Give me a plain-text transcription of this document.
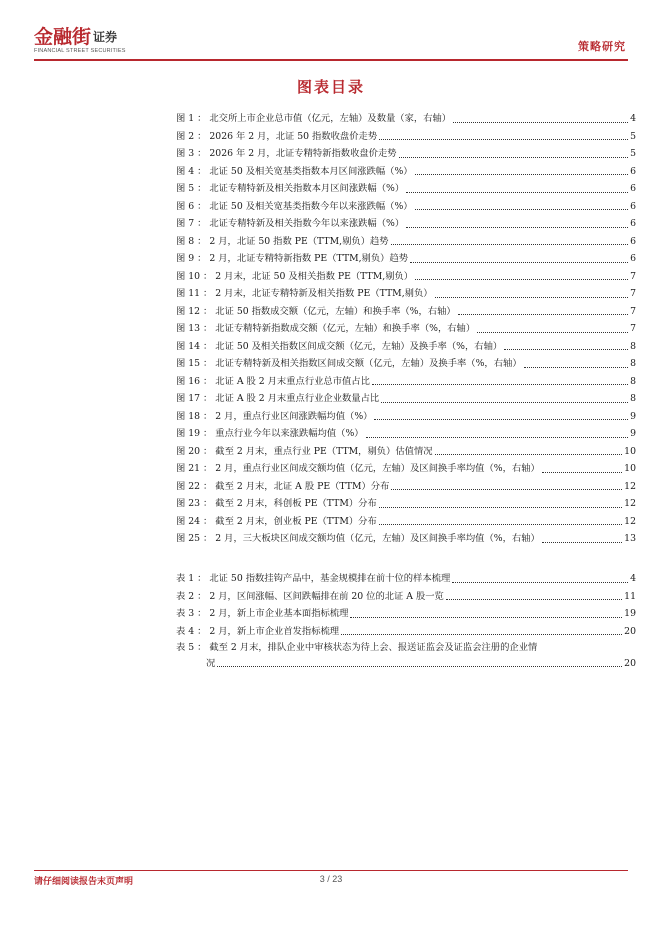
金融街 证券
FINANCIAL STREET SECURITIES	策略研究
图表目录
图 1 ： 北交所上市企业总市值（亿元，左轴）及数量（家，右轴）	4
图 2 ： 2026 年 2 月，北证 50 指数收盘价走势	5
图 3 ： 2026 年 2 月，北证专精特新指数收盘价走势	5
图 4 ： 北证 50 及相关宽基类指数本月区间涨跌幅（%）	6
图 5 ： 北证专精特新及相关指数本月区间涨跌幅（%）	6
图 6 ： 北证 50 及相关宽基类指数今年以来涨跌幅（%）	6
图 7 ： 北证专精特新及相关指数今年以来涨跌幅（%）	6
图 8 ： 2 月，北证 50 指数 PE（TTM,剔负）趋势	6
图 9 ： 2 月，北证专精特新指数 PE（TTM,剔负）趋势	6
图 10 ： 2 月末，北证 50 及相关指数 PE（TTM,剔负）	7
图 11 ： 2 月末，北证专精特新及相关指数 PE（TTM,剔负）	7
图 12 ： 北证 50 指数成交额（亿元，左轴）和换手率（%，右轴）	7
图 13 ： 北证专精特新指数成交额（亿元，左轴）和换手率（%，右轴）	7
图 14 ： 北证 50 及相关指数区间成交额（亿元，左轴）及换手率（%，右轴）	8
图 15 ： 北证专精特新及相关指数区间成交额（亿元，左轴）及换手率（%，右轴）	8
图 16 ： 北证 A 股 2 月末重点行业总市值占比	8
图 17 ： 北证 A 股 2 月末重点行业企业数量占比	8
图 18 ： 2 月，重点行业区间涨跌幅均值（%）	9
图 19 ： 重点行业今年以来涨跌幅均值（%）	9
图 20 ： 截至 2 月末，重点行业 PE（TTM，剔负）估值情况	10
图 21 ： 2 月，重点行业区间成交额均值（亿元，左轴）及区间换手率均值（%，右轴）	10
图 22 ： 截至 2 月末，北证 A 股 PE（TTM）分布	12
图 23 ： 截至 2 月末，科创板 PE（TTM）分布	12
图 24 ： 截至 2 月末，创业板 PE（TTM）分布	12
图 25 ： 2 月，三大板块区间成交额均值（亿元，左轴）及区间换手率均值（%，右轴）	13
表 1 ： 北证 50 指数挂钩产品中，基金规模排在前十位的样本梳理	4
表 2 ： 2 月，区间涨幅、区间跌幅排在前 20 位的北证 A 股一览	11
表 3 ： 2 月，新上市企业基本面指标梳理	19
表 4 ： 2 月，新上市企业首发指标梳理	20
表 5 ： 截至 2 月末，排队企业中审核状态为待上会、报送证监会及证监会注册的企业情
况	20
请仔细阅读报告末页声明	3 / 23
